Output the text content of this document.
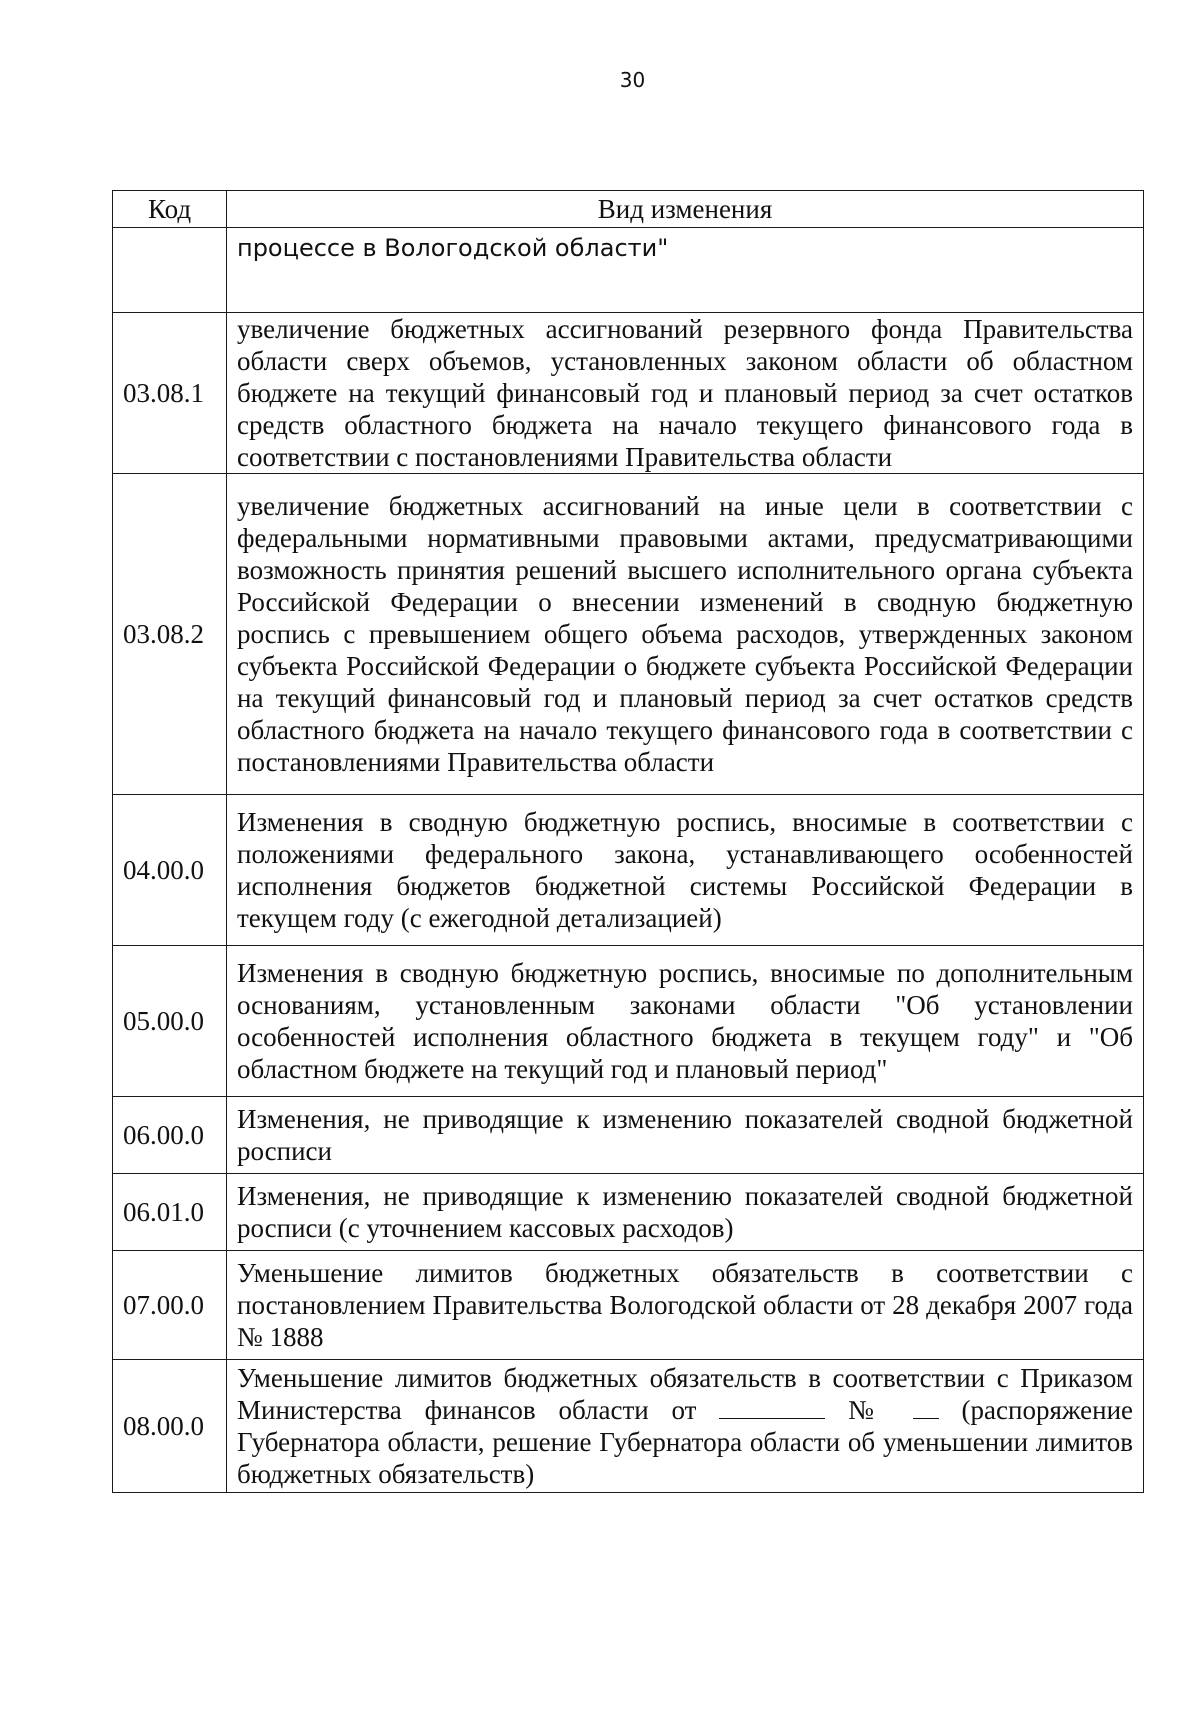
30
Код	Вид изменения
	процессе в Вологодской области"
03.08.1	увеличение бюджетных ассигнований резервного фонда Правительства области сверх объемов, установленных законом области об областном бюджете на текущий финансовый год и плановый период за счет остатков средств областного бюджета на начало текущего финансового года в соответствии с постановлениями Правительства области
03.08.2	увеличение бюджетных ассигнований на иные цели в соответствии с федеральными нормативными правовыми актами, предусматривающими возможность принятия решений высшего исполнительного органа субъекта Российской Федерации о внесении изменений в сводную бюджетную роспись с превышением общего объема расходов, утвержденных законом субъекта Российской Федерации о бюджете субъекта Российской Федерации на текущий финансовый год и плановый период за счет остатков средств областного бюджета на начало текущего финансового года в соответствии с постановлениями Правительства области
04.00.0	Изменения в сводную бюджетную роспись, вносимые в соответствии с положениями федерального закона, устанавливающего особенностей исполнения бюджетов бюджетной системы Российской Федерации в текущем году (с ежегодной детализацией)
05.00.0	Изменения в сводную бюджетную роспись, вносимые по дополнительным основаниям, установленным законами области "Об установлении особенностей исполнения областного бюджета в текущем году" и "Об областном бюджете на текущий год и плановый период"
06.00.0	Изменения, не приводящие к изменению показателей сводной бюджетной росписи
06.01.0	Изменения, не приводящие к изменению показателей сводной бюджетной росписи (с уточнением кассовых расходов)
07.00.0	Уменьшение лимитов бюджетных обязательств в соответствии с постановлением Правительства Вологодской области от 28 декабря 2007 года № 1888
08.00.0	Уменьшение лимитов бюджетных обязательств в соответствии с Приказом Министерства финансов области от № (распоряжение Губернатора области, решение Губернатора области об уменьшении лимитов бюджетных обязательств)
